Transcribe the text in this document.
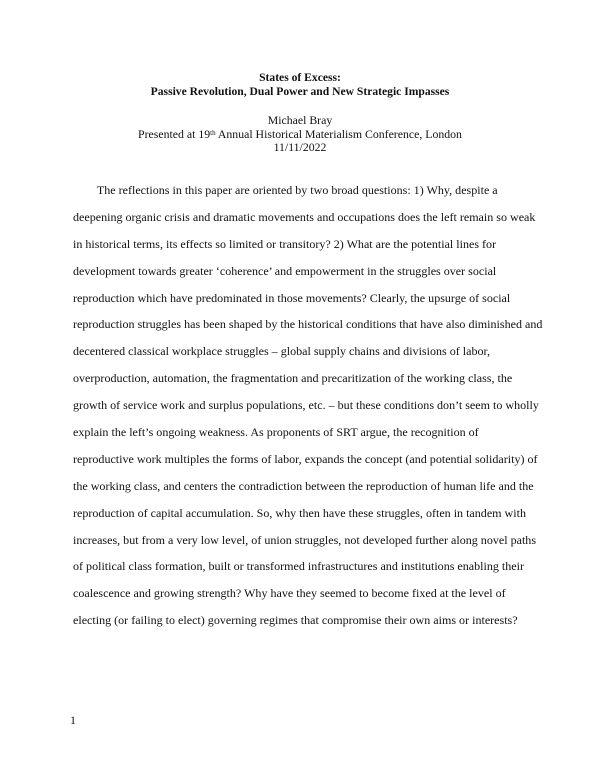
States of Excess:
Passive Revolution, Dual Power and New Strategic Impasses
Michael Bray
Presented at 19th Annual Historical Materialism Conference, London
11/11/2022
The reflections in this paper are oriented by two broad questions: 1) Why, despite a
deepening organic crisis and dramatic movements and occupations does the left remain so weak
in historical terms, its effects so limited or transitory? 2) What are the potential lines for
development towards greater ‘coherence’ and empowerment in the struggles over social
reproduction which have predominated in those movements? Clearly, the upsurge of social
reproduction struggles has been shaped by the historical conditions that have also diminished and
decentered classical workplace struggles – global supply chains and divisions of labor,
overproduction, automation, the fragmentation and precaritization of the working class, the
growth of service work and surplus populations, etc. – but these conditions don’t seem to wholly
explain the left’s ongoing weakness. As proponents of SRT argue, the recognition of
reproductive work multiples the forms of labor, expands the concept (and potential solidarity) of
the working class, and centers the contradiction between the reproduction of human life and the
reproduction of capital accumulation. So, why then have these struggles, often in tandem with
increases, but from a very low level, of union struggles, not developed further along novel paths
of political class formation, built or transformed infrastructures and institutions enabling their
coalescence and growing strength? Why have they seemed to become fixed at the level of
electing (or failing to elect) governing regimes that compromise their own aims or interests?
1
